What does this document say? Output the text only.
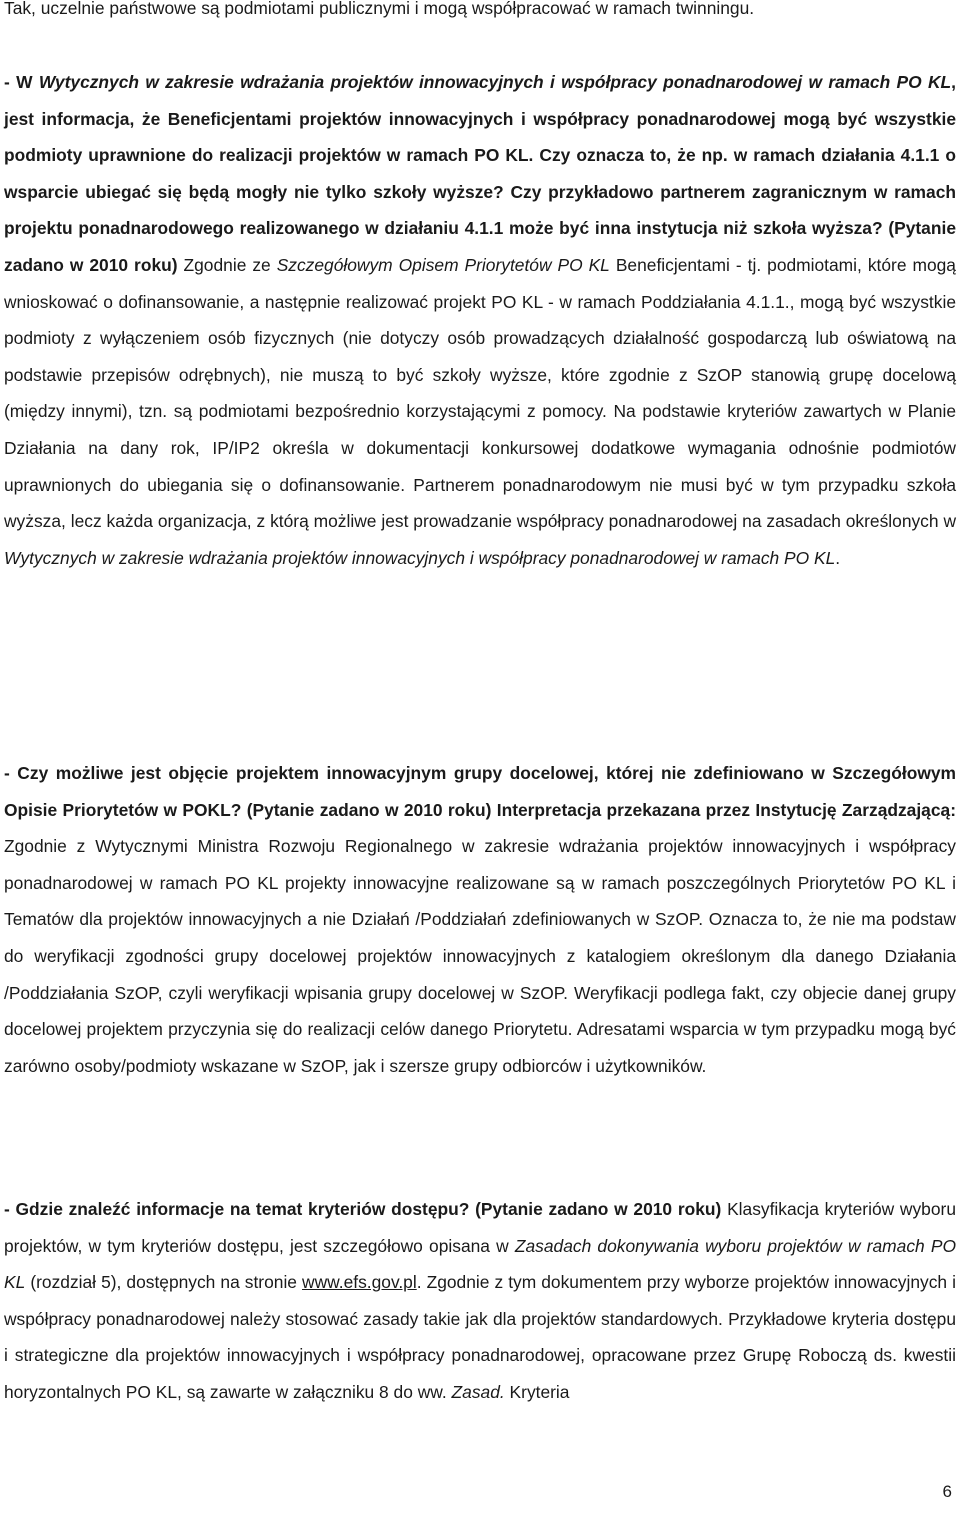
Tak, uczelnie państwowe są podmiotami publicznymi i mogą współpracować w ramach twinningu.
- W Wytycznych w zakresie wdrażania projektów innowacyjnych i współpracy ponadnarodowej w ramach PO KL, jest informacja, że Beneficjentami projektów innowacyjnych i współpracy ponadnarodowej mogą być wszystkie podmioty uprawnione do realizacji projektów w ramach PO KL. Czy oznacza to, że np. w ramach działania 4.1.1 o wsparcie ubiegać się będą mogły nie tylko szkoły wyższe? Czy przykładowo partnerem zagranicznym w ramach projektu ponadnarodowego realizowanego w działaniu 4.1.1 może być inna instytucja niż szkoła wyższa? (Pytanie zadano w 2010 roku) Zgodnie ze Szczegółowym Opisem Priorytetów PO KL Beneficjentami - tj. podmiotami, które mogą wnioskować o dofinansowanie, a następnie realizować projekt PO KL - w ramach Poddziałania 4.1.1., mogą być wszystkie podmioty z wyłączeniem osób fizycznych (nie dotyczy osób prowadzących działalność gospodarczą lub oświatową na podstawie przepisów odrębnych), nie muszą to być szkoły wyższe, które zgodnie z SzOP stanowią grupę docelową (między innymi), tzn. są podmiotami bezpośrednio korzystającymi z pomocy. Na podstawie kryteriów zawartych w Planie Działania na dany rok, IP/IP2 określa w dokumentacji konkursowej dodatkowe wymagania odnośnie podmiotów uprawnionych do ubiegania się o dofinansowanie. Partnerem ponadnarodowym nie musi być w tym przypadku szkoła wyższa, lecz każda organizacja, z którą możliwe jest prowadzanie współpracy ponadnarodowej na zasadach określonych w Wytycznych w zakresie wdrażania projektów innowacyjnych i współpracy ponadnarodowej w ramach PO KL.
- Czy możliwe jest objęcie projektem innowacyjnym grupy docelowej, której nie zdefiniowano w Szczegółowym Opisie Priorytetów w POKL? (Pytanie zadano w 2010 roku) Interpretacja przekazana przez Instytucję Zarządzającą: Zgodnie z Wytycznymi Ministra Rozwoju Regionalnego w zakresie wdrażania projektów innowacyjnych i współpracy ponadnarodowej w ramach PO KL projekty innowacyjne realizowane są w ramach poszczególnych Priorytetów PO KL i Tematów dla projektów innowacyjnych a nie Działań /Poddziałań zdefiniowanych w SzOP. Oznacza to, że nie ma podstaw do weryfikacji zgodności grupy docelowej projektów innowacyjnych z katalogiem określonym dla danego Działania /Poddziałania SzOP, czyli weryfikacji wpisania grupy docelowej w SzOP. Weryfikacji podlega fakt, czy objecie danej grupy docelowej projektem przyczynia się do realizacji celów danego Priorytetu. Adresatami wsparcia w tym przypadku mogą być zarówno osoby/podmioty wskazane w SzOP, jak i szersze grupy odbiorców i użytkowników.
- Gdzie znaleźć informacje na temat kryteriów dostępu? (Pytanie zadano w 2010 roku) Klasyfikacja kryteriów wyboru projektów, w tym kryteriów dostępu, jest szczegółowo opisana w Zasadach dokonywania wyboru projektów w ramach PO KL (rozdział 5), dostępnych na stronie www.efs.gov.pl. Zgodnie z tym dokumentem przy wyborze projektów innowacyjnych i współpracy ponadnarodowej należy stosować zasady takie jak dla projektów standardowych. Przykładowe kryteria dostępu i strategiczne dla projektów innowacyjnych i współpracy ponadnarodowej, opracowane przez Grupę Roboczą ds. kwestii horyzontalnych PO KL, są zawarte w załączniku 8 do ww. Zasad. Kryteria
6
